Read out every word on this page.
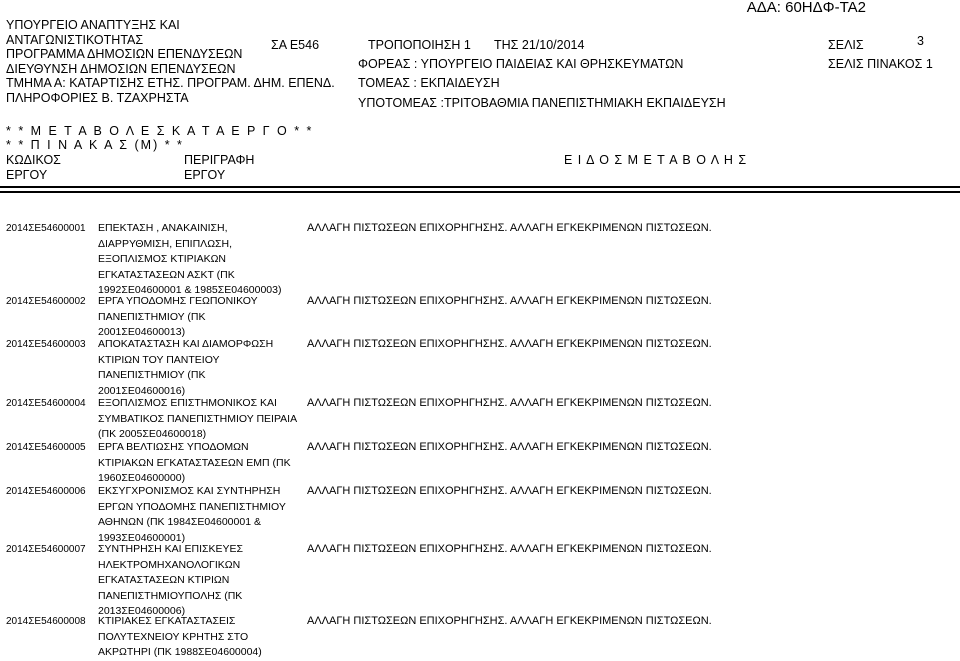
ΑΔΑ: 60ΗΔΦ-ΤΑ2
ΥΠΟΥΡΓΕΙΟ ΑΝΑΠΤΥΞΗΣ ΚΑΙ
ΑΝΤΑΓΩΝΙΣΤΙΚΟΤΗΤΑΣ
ΠΡΟΓΡΑΜΜΑ ΔΗΜΟΣΙΩΝ ΕΠΕΝΔΥΣΕΩΝ
ΔΙΕΥΘΥΝΣΗ ΔΗΜΟΣΙΩΝ ΕΠΕΝΔΥΣΕΩΝ
ΤΜΗΜΑ Α: ΚΑΤΑΡΤΙΣΗΣ ΕΤΗΣ. ΠΡΟΓΡΑΜ. ΔΗΜ. ΕΠΕΝΔ.
ΠΛΗΡΟΦΟΡΙΕΣ Β. ΤΖΑΧΡΗΣΤΑ
ΣΑ Ε546	ΤΡΟΠΟΠΟΙΗΣΗ 1 ΤΗΣ 21/10/2014
ΦΟΡΕΑΣ : ΥΠΟΥΡΓΕΙΟ ΠΑΙΔΕΙΑΣ ΚΑΙ ΘΡΗΣΚΕΥΜΑΤΩΝ
ΤΟΜΕΑΣ : ΕΚΠΑΙΔΕΥΣΗ
ΥΠΟΤΟΜΕΑΣ :ΤΡΙΤΟΒΑΘΜΙΑ ΠΑΝΕΠΙΣΤΗΜΙΑΚΗ ΕΚΠΑΙΔΕΥΣΗ
ΣΕΛΙΣ	3
ΣΕΛΙΣ ΠΙΝΑΚΟΣ 1
* * Μ Ε Τ Α Β Ο Λ Ε Σ Κ Α Τ Α Ε Ρ Γ Ο * *
* * Π Ι Ν Α Κ Α Σ (Μ) * *
ΚΩΔΙΚΟΣ
ΕΡΓΟΥ
ΠΕΡΙΓΡΑΦΗ
ΕΡΓΟΥ
Ε Ι Δ Ο Σ Μ Ε Τ Α Β Ο Λ Η Σ
2014ΣΕ54600001 ΕΠΕΚΤΑΣΗ , ΑΝΑΚΑΙΝΙΣΗ,
ΔΙΑΡΡΥΘΜΙΣΗ, ΕΠΙΠΛΩΣΗ,
ΕΞΟΠΛΙΣΜΟΣ ΚΤΙΡΙΑΚΩΝ
ΕΓΚΑΤΑΣΤΑΣΕΩΝ ΑΣΚΤ (ΠΚ
1992ΣΕ04600001 & 1985ΣΕ04600003)
ΑΛΛΑΓΗ ΠΙΣΤΩΣΕΩΝ ΕΠΙΧΟΡΗΓΗΣΗΣ. ΑΛΛΑΓΗ ΕΓΚΕΚΡΙΜΕΝΩΝ ΠΙΣΤΩΣΕΩΝ.
2014ΣΕ54600002 ΕΡΓΑ ΥΠΟΔΟΜΗΣ ΓΕΩΠΟΝΙΚΟΥ
ΠΑΝΕΠΙΣΤΗΜΙΟΥ (ΠΚ
2001ΣΕ04600013)
ΑΛΛΑΓΗ ΠΙΣΤΩΣΕΩΝ ΕΠΙΧΟΡΗΓΗΣΗΣ. ΑΛΛΑΓΗ ΕΓΚΕΚΡΙΜΕΝΩΝ ΠΙΣΤΩΣΕΩΝ.
2014ΣΕ54600003 ΑΠΟΚΑΤΑΣΤΑΣΗ ΚΑΙ ΔΙΑΜΟΡΦΩΣΗ
ΚΤΙΡΙΩΝ ΤΟΥ ΠΑΝΤΕΙΟΥ
ΠΑΝΕΠΙΣΤΗΜΙΟΥ (ΠΚ
2001ΣΕ04600016)
ΑΛΛΑΓΗ ΠΙΣΤΩΣΕΩΝ ΕΠΙΧΟΡΗΓΗΣΗΣ. ΑΛΛΑΓΗ ΕΓΚΕΚΡΙΜΕΝΩΝ ΠΙΣΤΩΣΕΩΝ.
2014ΣΕ54600004 ΕΞΟΠΛΙΣΜΟΣ ΕΠΙΣΤΗΜΟΝΙΚΟΣ ΚΑΙ
ΣΥΜΒΑΤΙΚΟΣ ΠΑΝΕΠΙΣΤΗΜΙΟΥ ΠΕΙΡΑΙΑ
(ΠΚ 2005ΣΕ04600018)
ΑΛΛΑΓΗ ΠΙΣΤΩΣΕΩΝ ΕΠΙΧΟΡΗΓΗΣΗΣ. ΑΛΛΑΓΗ ΕΓΚΕΚΡΙΜΕΝΩΝ ΠΙΣΤΩΣΕΩΝ.
2014ΣΕ54600005 ΕΡΓΑ ΒΕΛΤΙΩΣΗΣ ΥΠΟΔΟΜΩΝ
ΚΤΙΡΙΑΚΩΝ ΕΓΚΑΤΑΣΤΑΣΕΩΝ ΕΜΠ (ΠΚ
1960ΣΕ04600000)
ΑΛΛΑΓΗ ΠΙΣΤΩΣΕΩΝ ΕΠΙΧΟΡΗΓΗΣΗΣ. ΑΛΛΑΓΗ ΕΓΚΕΚΡΙΜΕΝΩΝ ΠΙΣΤΩΣΕΩΝ.
2014ΣΕ54600006 ΕΚΣΥΓΧΡΟΝΙΣΜΟΣ ΚΑΙ ΣΥΝΤΗΡΗΣΗ
ΕΡΓΩΝ ΥΠΟΔΟΜΗΣ ΠΑΝΕΠΙΣΤΗΜΙΟΥ
ΑΘΗΝΩΝ (ΠΚ 1984ΣΕ04600001 &
1993ΣΕ04600001)
ΑΛΛΑΓΗ ΠΙΣΤΩΣΕΩΝ ΕΠΙΧΟΡΗΓΗΣΗΣ. ΑΛΛΑΓΗ ΕΓΚΕΚΡΙΜΕΝΩΝ ΠΙΣΤΩΣΕΩΝ.
2014ΣΕ54600007 ΣΥΝΤΗΡΗΣΗ ΚΑΙ ΕΠΙΣΚΕΥΕΣ
ΗΛΕΚΤΡΟΜΗΧΑΝΟΛΟΓΙΚΩΝ
ΕΓΚΑΤΑΣΤΑΣΕΩΝ ΚΤΙΡΙΩΝ
ΠΑΝΕΠΙΣΤΗΜΙΟΥΠΟΛΗΣ (ΠΚ
2013ΣΕ04600006)
ΑΛΛΑΓΗ ΠΙΣΤΩΣΕΩΝ ΕΠΙΧΟΡΗΓΗΣΗΣ. ΑΛΛΑΓΗ ΕΓΚΕΚΡΙΜΕΝΩΝ ΠΙΣΤΩΣΕΩΝ.
2014ΣΕ54600008 ΚΤΙΡΙΑΚΕΣ ΕΓΚΑΤΑΣΤΑΣΕΙΣ
ΠΟΛΥΤΕΧΝΕΙΟΥ ΚΡΗΤΗΣ ΣΤΟ
ΑΚΡΩΤΗΡΙ (ΠΚ 1988ΣΕ04600004)
ΑΛΛΑΓΗ ΠΙΣΤΩΣΕΩΝ ΕΠΙΧΟΡΗΓΗΣΗΣ. ΑΛΛΑΓΗ ΕΓΚΕΚΡΙΜΕΝΩΝ ΠΙΣΤΩΣΕΩΝ.
